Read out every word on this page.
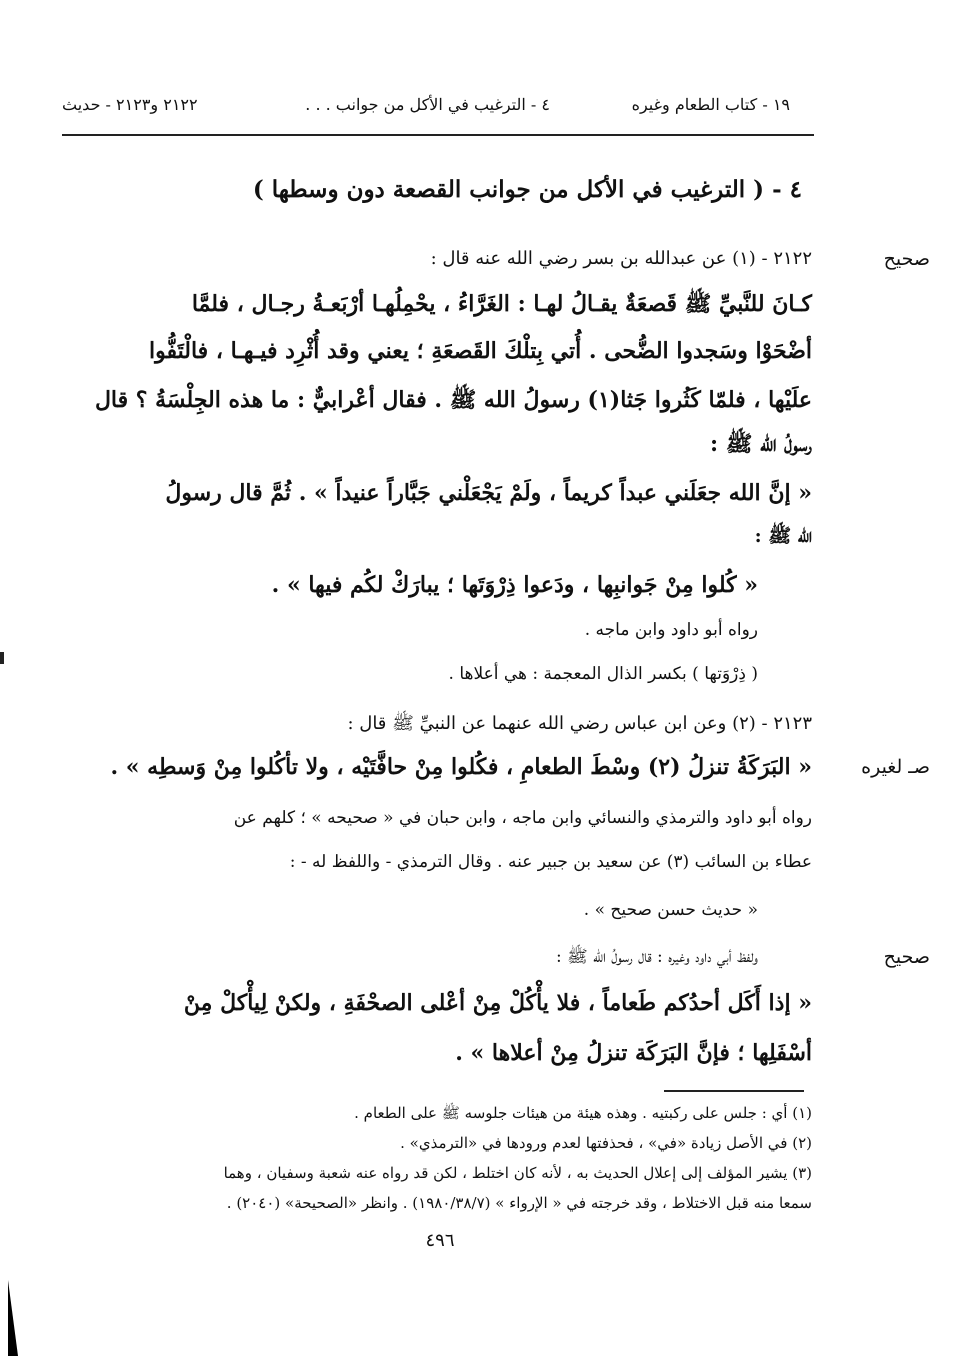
١٩ - كتاب الطعام وغيره
٤ - الترغيب في الأكل من جوانب . . .
٢١٢٢ و٢١٢٣ - حديث
٤ - ( الترغيب في الأكل من جوانب القصعة دون وسطها )
صحيح
صـ لغيره
صحيح
٢١٢٢ - (١) عن عبدالله بن بسر رضي الله عنه قال :
كـانَ للنَّبيِّ ﷺ قَصعَةٌ يقـالُ لهـا : الغَرَّاءُ ، يحْمِلُهـا أرْبَعـةُ رجـال ، فلمَّا
أضْحَوْا وسَجدوا الضُّحى . أُتي بِتلْكَ القَصعَةِ ؛ يعني وقد أُثْرِد فيـهـا ، فالْتَفُّوا
علَيْها ، فلمّا كَثُروا جَثا(١) رسولُ الله ﷺ . فقال أعْرابيٌّ : ما هذه الجِلْسَةُ ؟ قال
رسولُ الله ﷺ :
« إنَّ الله جعَلَني عبداً كريماً ، ولَمْ يَجْعَلْني جَبَّاراً عنيداً » . ثُمَّ قال رسولُ
الله ﷺ :
« كُلوا مِنْ جَوانبِها ، ودَعوا ذِرْوَتَها ؛ يبارَكْ لكُم فيها » .
رواه أبو داود وابن ماجه .
( ذِرْوَتها ) بكسر الذال المعجمة : هي أعلاها .
٢١٢٣ - (٢) وعن ابن عباس رضي الله عنهما عن النبيِّ ﷺ قال :
« البَرَكَةُ تنزلُ (٢) وسْطَ الطعامِ ، فكُلوا مِنْ حافَّتَيْه ، ولا تأكُلوا مِنْ وَسطِه » .
رواه أبو داود والترمذي والنسائي وابن ماجه ، وابن حبان في « صحيحه » ؛ كلهم عن
عطاء بن السائب (٣) عن سعيد بن جبير عنه . وقال الترمذي - واللفظ له - :
« حديث حسن صحيح » .
ولفظ أبي داود وغيره : قال رسولُ الله ﷺ :
« إذا أَكَل أحدُكم طَعاماً ، فلا يأْكُلْ مِنْ أعْلى الصحْفَةِ ، ولكنْ لِيأْكلْ مِنْ
أسْفَلِها ؛ فإنَّ البَرَكَة تنزلُ مِنْ أعلاها » .
(١) أي : جلس على ركبتيه . وهذه هيئة من هيئات جلوسه ﷺ على الطعام .
(٢) في الأصل زيادة «في» ، فحذفتها لعدم ورودها في «الترمذي» .
(٣) يشير المؤلف إلى إعلال الحديث به ، لأنه كان اختلط ، لكن قد رواه عنه شعبة وسفيان ، وهما
سمعا منه قبل الاختلاط ، وقد خرجته في « الإرواء » (١٩٨٠/٣٨/٧) . وانظر «الصحيحة» (٢٠٤٠) .
٤٩٦
